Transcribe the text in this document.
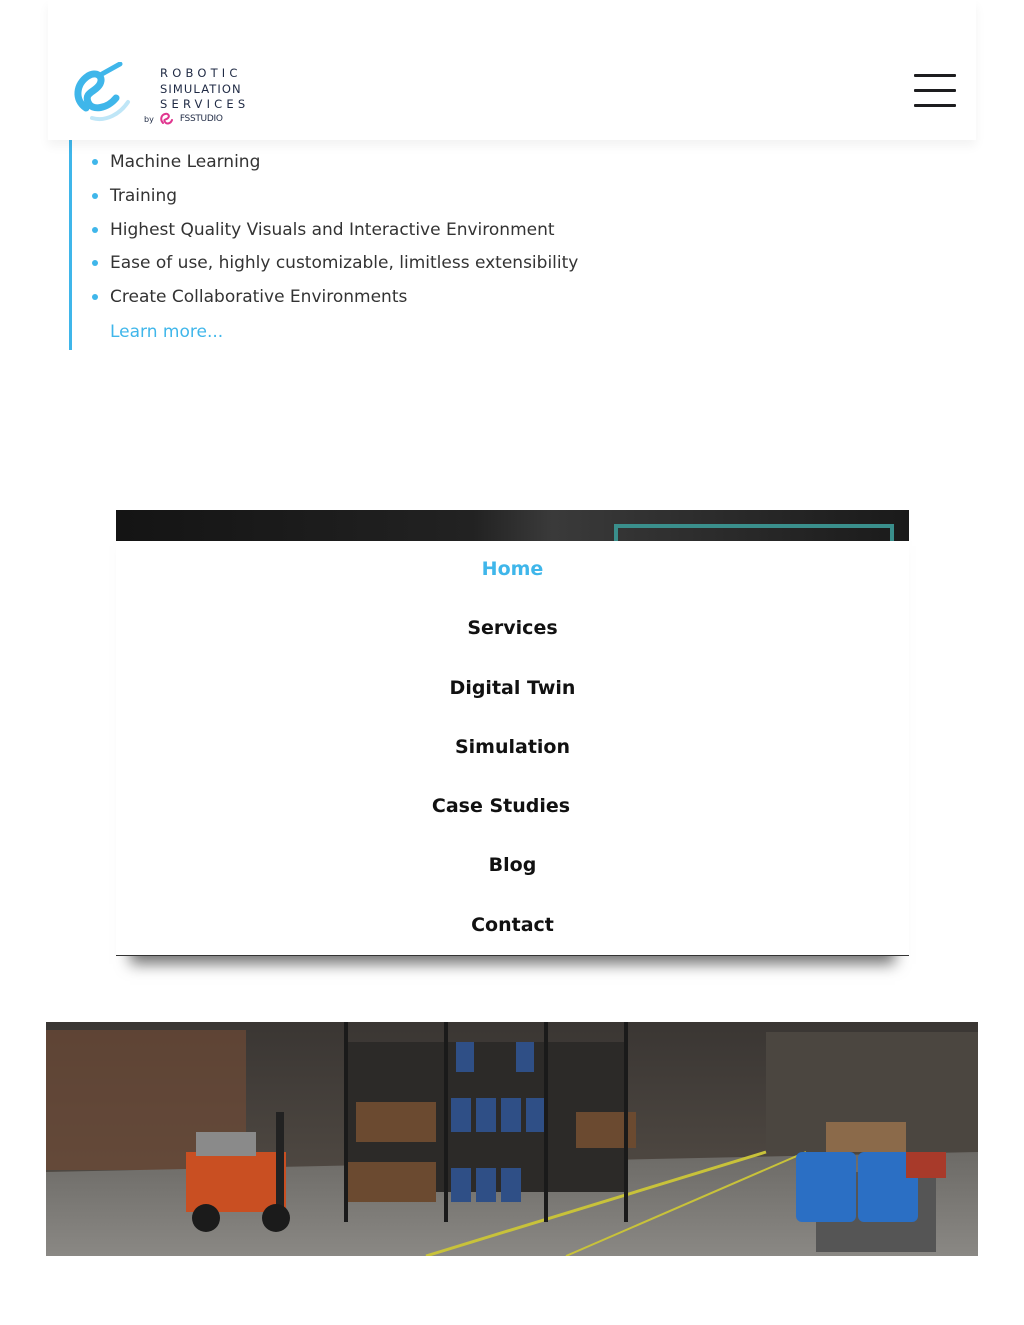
ROBOTIC
SIMULATION
SERVICES
by	FSSTUDIO
Machine Learning
Training
Highest Quality Visuals and Interactive Environment
Ease of use, highly customizable, limitless extensibility
Create Collaborative Environments
Learn more...
Home
Services
Digital Twin
Simulation
Case Studies
Blog
Contact
